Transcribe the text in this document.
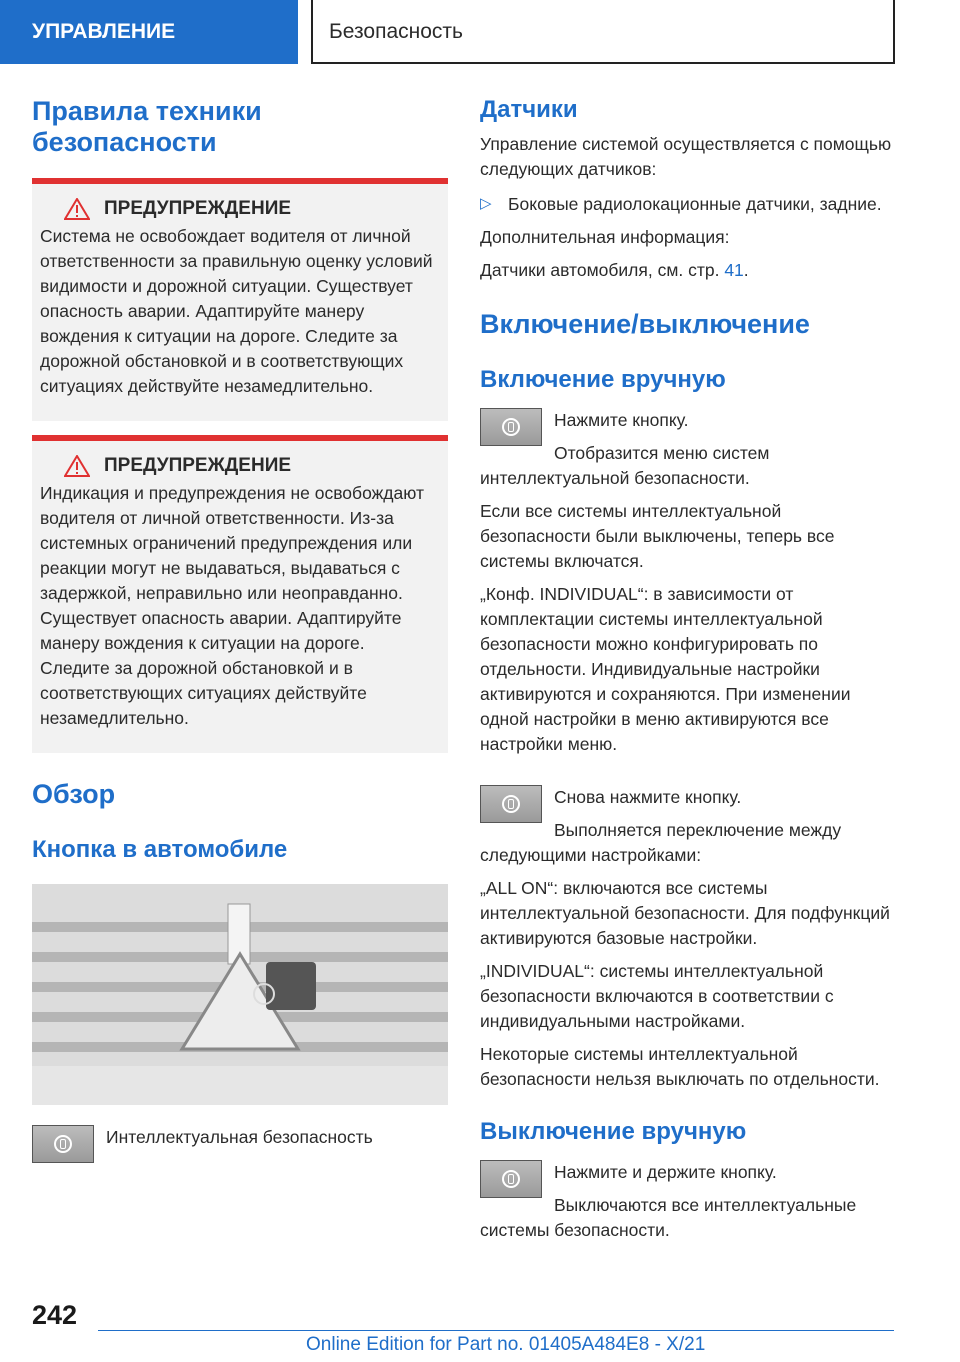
УПРАВЛЕНИЕ	Безопасность
Правила техники безопасности
ПРЕДУПРЕЖДЕНИЕ

Система не освобождает водителя от личной ответственности за правильную оценку условий видимости и дорожной ситуации. Существует опасность аварии. Адаптируйте манеру вождения к ситуации на дороге. Следите за дорожной обстановкой и в соответствующих ситуациях действуйте незамедлительно.

ПРЕДУПРЕЖДЕНИЕ

Индикация и предупреждения не освобождают водителя от личной ответственности. Из-за системных ограничений предупреждения или реакции могут не выдаваться, выдаваться с задержкой, неправильно или неоправданно. Существует опасность аварии. Адаптируйте манеру вождения к ситуации на дороге. Следите за дорожной обстановкой и в соответствующих ситуациях действуйте незамедлительно.

Обзор
Кнопка в автомобиле

Интеллектуальная безопасность

Датчики

Управление системой осуществляется с помощью следующих датчиков:

▷ Боковые радиолокационные датчики, задние.

Дополнительная информация:

Датчики автомобиля, см. стр. 41.

Включение/выключение
Включение вручную

Нажмите кнопку.

Отобразится меню систем интеллектуальной безопасности.

Если все системы интеллектуальной безопасности были выключены, теперь все системы включатся.

„Конф. INDIVIDUAL“: в зависимости от комплектации системы интеллектуальной безопасности можно конфигурировать по отдельности. Индивидуальные настройки активируются и сохраняются. При изменении одной настройки в меню активируются все настройки меню.

Снова нажмите кнопку.

Выполняется переключение между следующими настройками:

„ALL ON“: включаются все системы интеллектуальной безопасности. Для подфункций активируются базовые настройки.

„INDIVIDUAL“: системы интеллектуальной безопасности включаются в соответствии с индивидуальными настройками.

Некоторые системы интеллектуальной безопасности нельзя выключать по отдельности.

Выключение вручную

Нажмите и держите кнопку.

Выключаются все интеллектуальные системы безопасности.

242
Online Edition for Part no. 01405A484E8 - X/21
